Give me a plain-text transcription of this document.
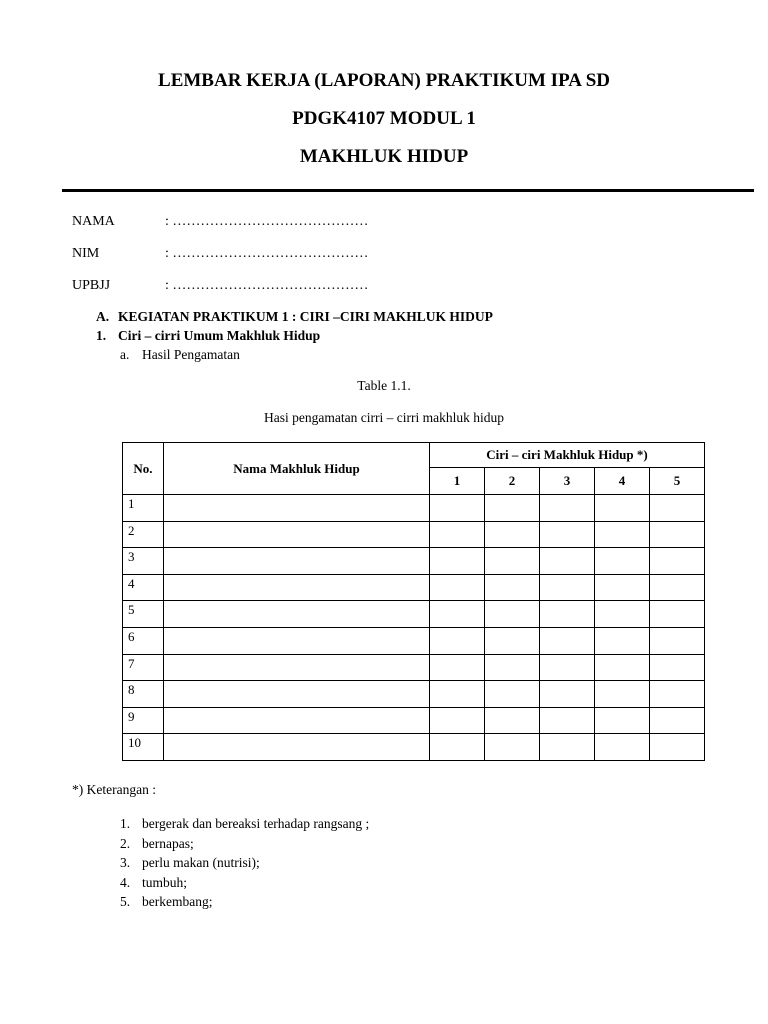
LEMBAR KERJA (LAPORAN) PRAKTIKUM IPA SD
PDGK4107 MODUL 1
MAKHLUK HIDUP
NAMA	: ……………………………………
NIM	: ……………………………………
UPBJJ	: ……………………………………
A. KEGIATAN PRAKTIKUM 1 : CIRI –CIRI MAKHLUK HIDUP
1. Ciri – cirri Umum Makhluk Hidup
a. Hasil Pengamatan
Table 1.1.
Hasi pengamatan cirri – cirri makhluk hidup
No.	Nama Makhluk Hidup	Ciri – ciri Makhluk Hidup *)				
		1	2	3	4	5
1						
2						
3						
4						
5						
6						
7						
8						
9						
10						
*) Keterangan :
1. bergerak dan bereaksi terhadap rangsang ;
2. bernapas;
3. perlu makan (nutrisi);
4. tumbuh;
5. berkembang;
